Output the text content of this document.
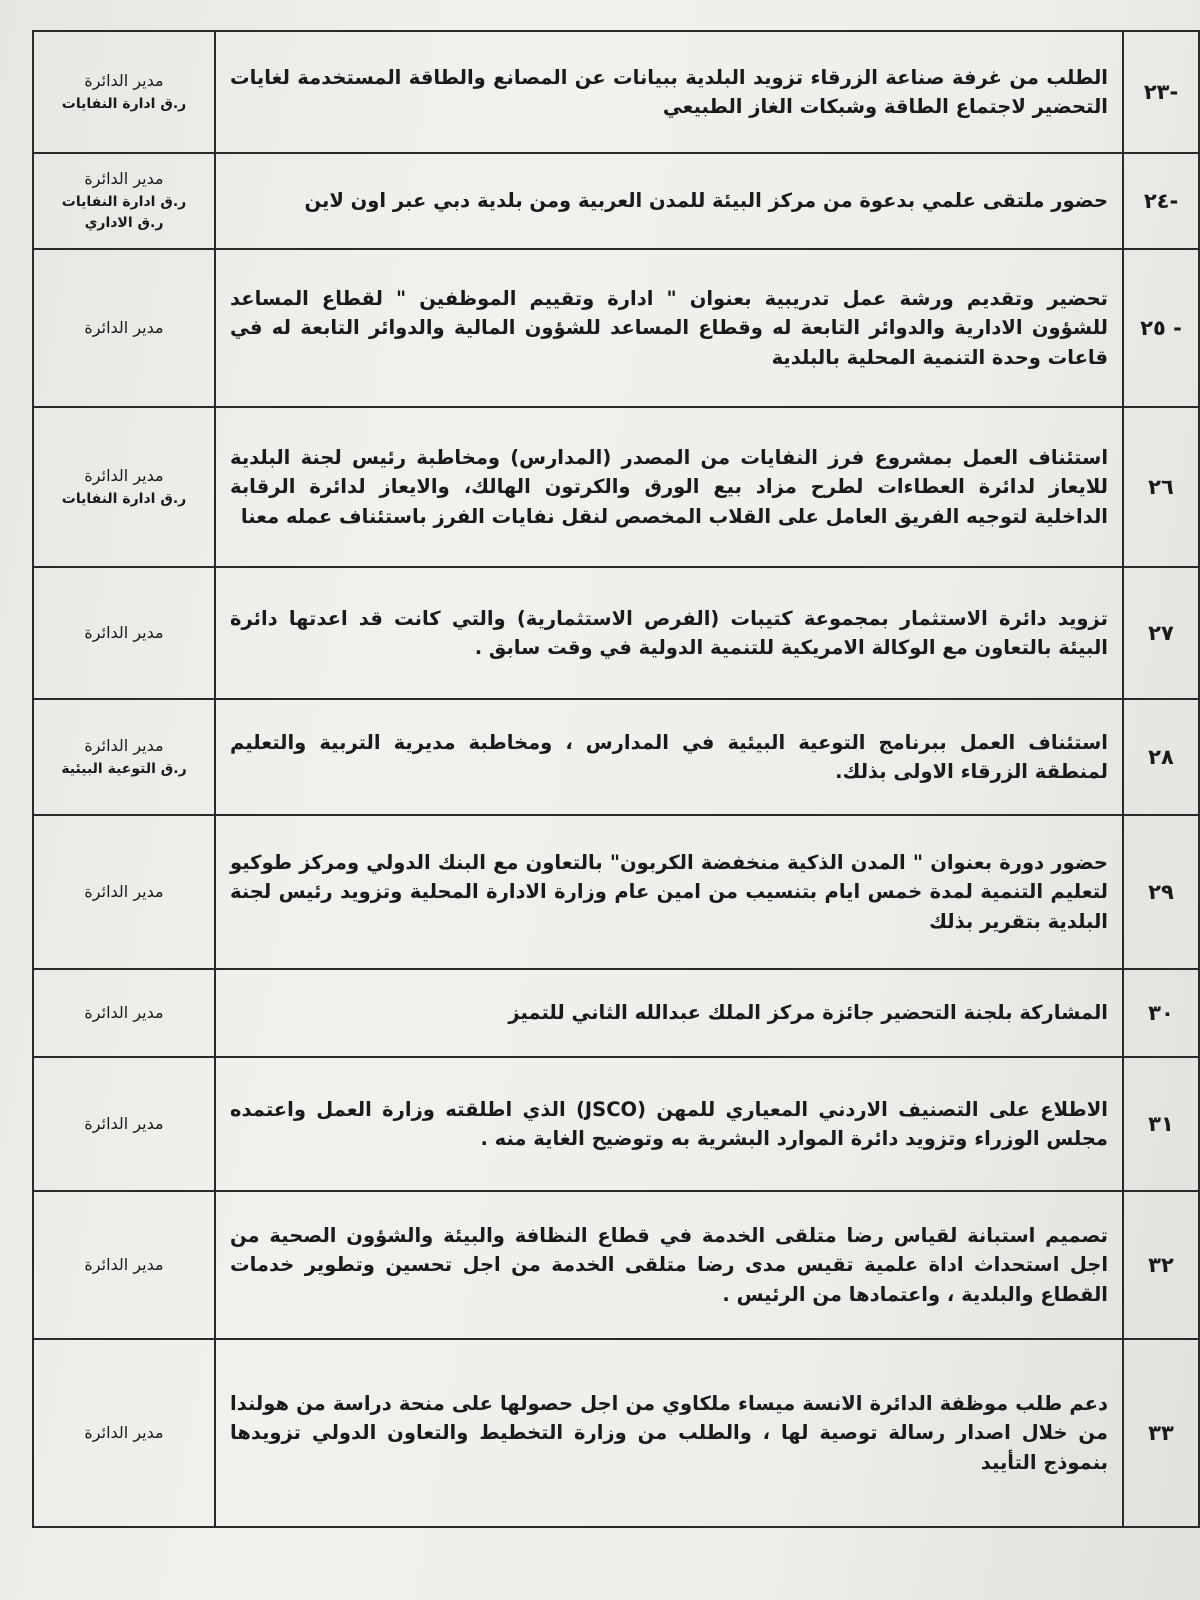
-٢٣	الطلب من غرفة صناعة الزرقاء تزويد البلدية ببيانات عن المصانع والطاقة المستخدمة لغايات التحضير لاجتماع الطاقة وشبكات الغاز الطبيعي	مدير الدائرة
ر.ق ادارة النفايات

-٢٤	حضور ملتقى علمي بدعوة من مركز البيئة للمدن العربية ومن بلدية دبي عبر اون لاين	مدير الدائرة
ر.ق ادارة النفايات
ر.ق الاداري

- ٢٥	تحضير وتقديم ورشة عمل تدريبية بعنوان " ادارة وتقييم الموظفين " لقطاع المساعد للشؤون الادارية والدوائر التابعة له وقطاع المساعد للشؤون المالية والدوائر التابعة له في قاعات وحدة التنمية المحلية بالبلدية	مدير الدائرة

٢٦	استئناف العمل بمشروع فرز النفايات من المصدر (المدارس) ومخاطبة رئيس لجنة البلدية للايعاز لدائرة العطاءات لطرح مزاد بيع الورق والكرتون الهالك، والايعاز لدائرة الرقابة الداخلية لتوجيه الفريق العامل على القلاب المخصص لنقل نفايات الفرز باستئناف عمله معنا	مدير الدائرة
ر.ق ادارة النفايات

٢٧	تزويد دائرة الاستثمار بمجموعة كتيبات (الفرص الاستثمارية) والتي كانت قد اعدتها دائرة البيئة بالتعاون مع الوكالة الامريكية للتنمية الدولية في وقت سابق .	مدير الدائرة

٢٨	استئناف العمل ببرنامج التوعية البيئية في المدارس ، ومخاطبة مديرية التربية والتعليم لمنطقة الزرقاء الاولى بذلك.	مدير الدائرة
ر.ق التوعية البيئية

٢٩	حضور دورة بعنوان " المدن الذكية منخفضة الكربون" بالتعاون مع البنك الدولي ومركز طوكيو لتعليم التنمية لمدة خمس ايام بتنسيب من امين عام وزارة الادارة المحلية وتزويد رئيس لجنة البلدية بتقرير بذلك	مدير الدائرة

٣٠	المشاركة بلجنة التحضير جائزة مركز الملك عبدالله الثاني للتميز	مدير الدائرة

٣١	الاطلاع على التصنيف الاردني المعياري للمهن (JSCO) الذي اطلقته وزارة العمل واعتمده مجلس الوزراء وتزويد دائرة الموارد البشرية به وتوضيح الغاية منه .	مدير الدائرة

٣٢	تصميم استبانة لقياس رضا متلقى الخدمة في قطاع النظافة والبيئة والشؤون الصحية من اجل استحداث اداة علمية تقيس مدى رضا متلقى الخدمة من اجل تحسين وتطوير خدمات القطاع والبلدية ، واعتمادها من الرئيس .	مدير الدائرة

٣٣	دعم طلب موظفة الدائرة الانسة ميساء ملكاوي من اجل حصولها على منحة دراسة من هولندا من خلال اصدار رسالة توصية لها ، والطلب من وزارة التخطيط والتعاون الدولي تزويدها بنموذج التأييد	مدير الدائرة
